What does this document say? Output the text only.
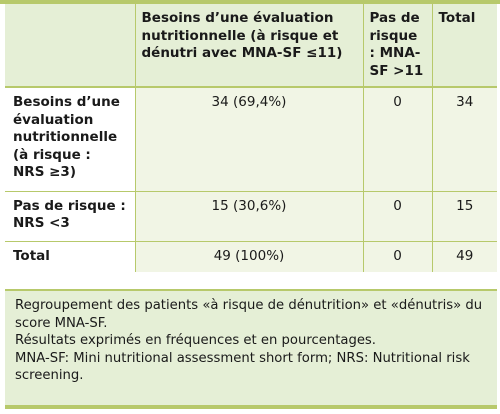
	Besoins d’une évaluation nutritionnelle (à risque et dénutri avec MNA-SF ≤11)	Pas de risque : MNA-SF >11	Total
Besoins d’une évaluation nutritionnelle (à risque : NRS ≥3)	34 (69,4%)	0	34
Pas de risque : NRS <3	15 (30,6%)	0	15
Total	49 (100%)	0	49

Regroupement des patients «à risque de dénutrition» et «dénutris» du score MNA-SF.

Résultats exprimés en fréquences et en pourcentages.

MNA-SF: Mini nutritional assessment short form; NRS: Nutritional risk screening.
